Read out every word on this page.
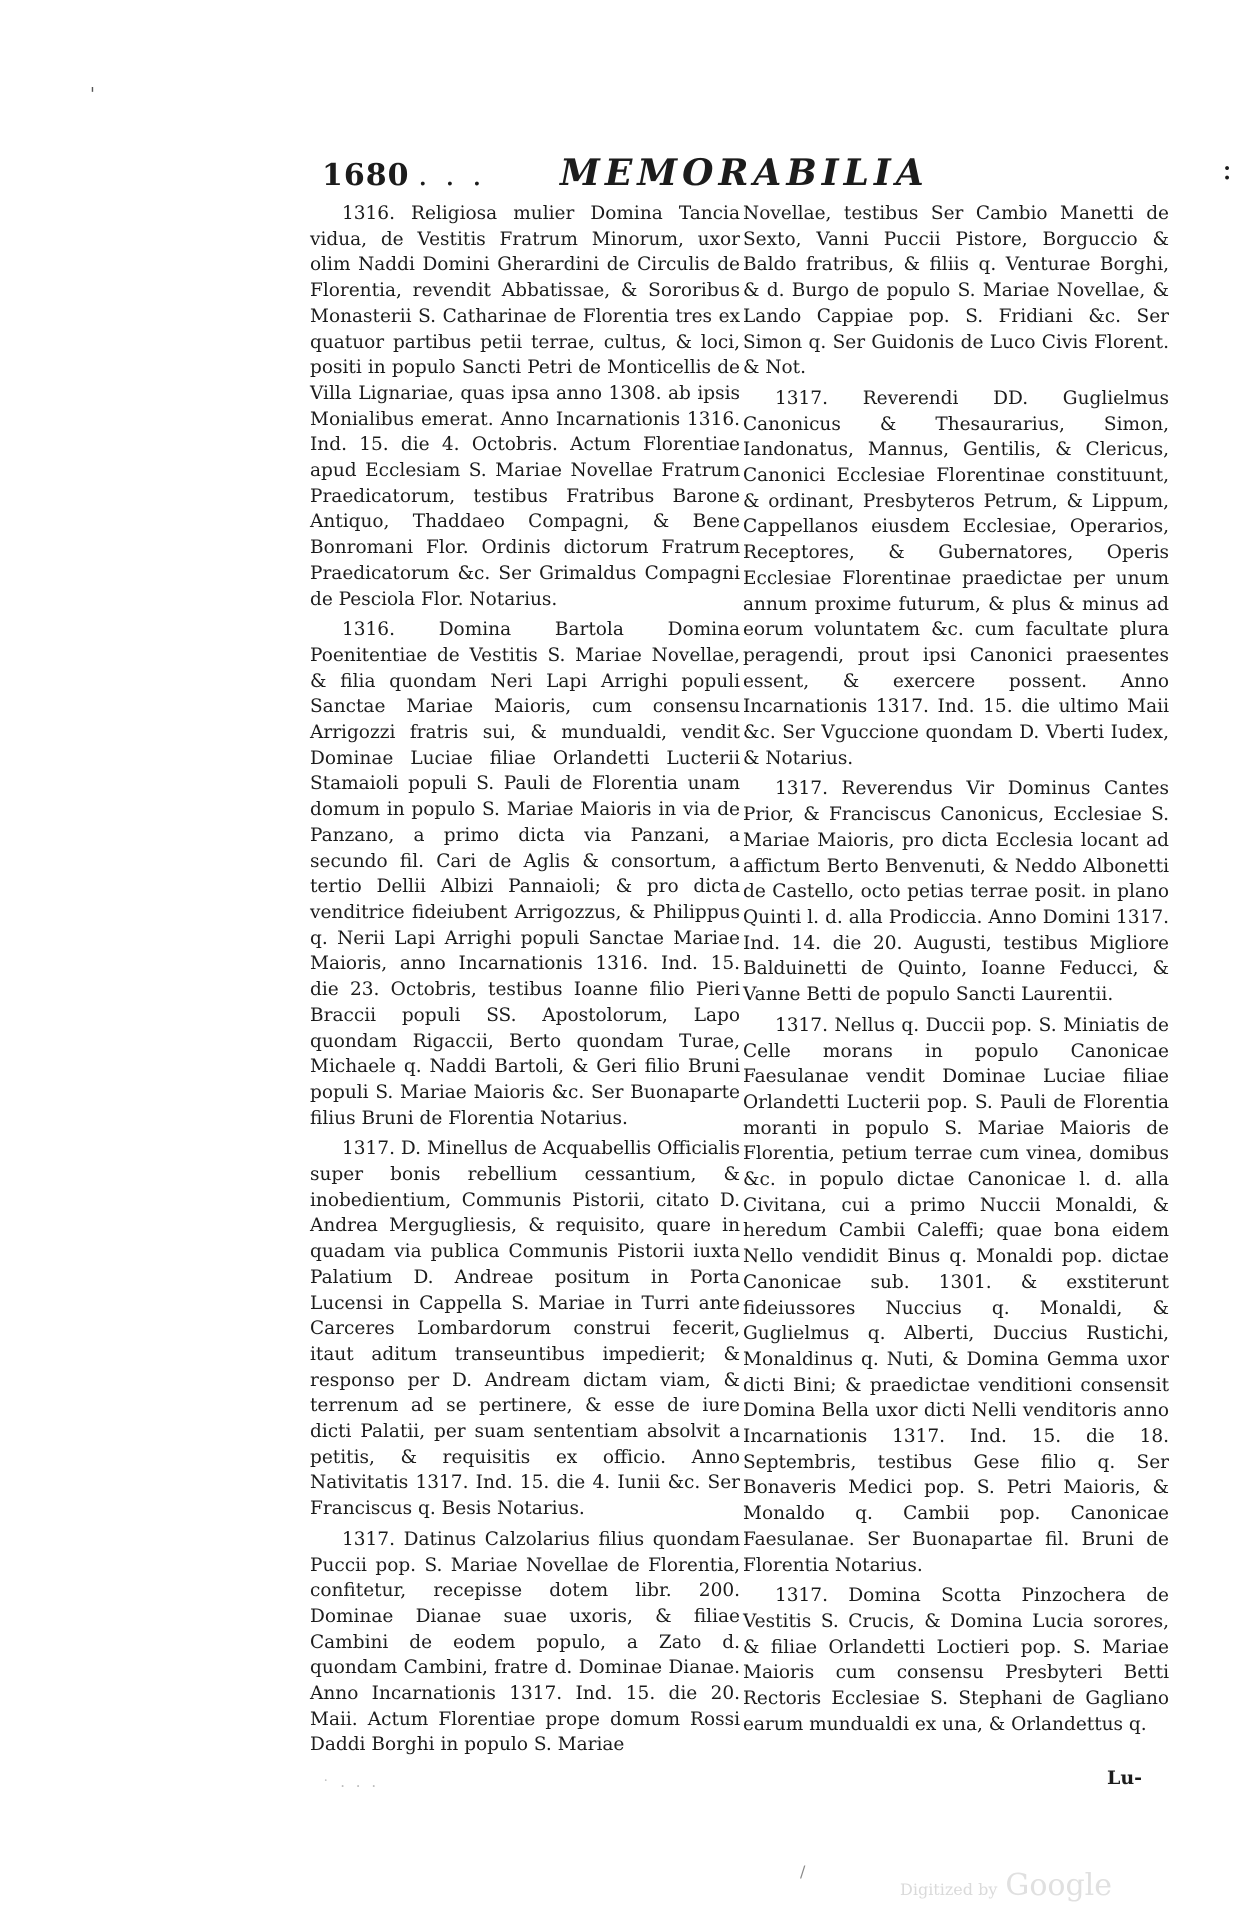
'
1680 . . . MEMORABILIA	:

1316. Religiosa mulier Domina Tancia vidua, de Vestitis Fratrum Minorum, uxor olim Naddi Domini Gherardini de Circulis de Florentia, revendit Abbatissae, & Sororibus Monasterii S. Catharinae de Florentia tres ex quatuor partibus petii terrae, cultus, & loci, positi in populo Sancti Petri de Monticellis de Villa Lignariae, quas ipsa anno 1308. ab ipsis Monialibus emerat. Anno Incarnationis 1316. Ind. 15. die 4. Octobris. Actum Florentiae apud Ecclesiam S. Mariae Novellae Fratrum Praedicatorum, testibus Fratribus Barone Antiquo, Thaddaeo Compagni, & Bene Bonromani Flor. Ordinis dictorum Fratrum Praedicatorum &c. Ser Grimaldus Compagni de Pesciola Flor. Notarius.

1316. Domina Bartola Domina Poenitentiae de Vestitis S. Mariae Novellae, & filia quondam Neri Lapi Arrighi populi Sanctae Mariae Maioris, cum consensu Arrigozzi fratris sui, & mundualdi, vendit Dominae Luciae filiae Orlandetti Lucterii Stamaioli populi S. Pauli de Florentia unam domum in populo S. Mariae Maioris in via de Panzano, a primo dicta via Panzani, a secundo fil. Cari de Aglis & consortum, a tertio Dellii Albizi Pannaioli; & pro dicta venditrice fideiubent Arrigozzus, & Philippus q. Nerii Lapi Arrighi populi Sanctae Mariae Maioris, anno Incarnationis 1316. Ind. 15. die 23. Octobris, testibus Ioanne filio Pieri Braccii populi SS. Apostolorum, Lapo quondam Rigaccii, Berto quondam Turae, Michaele q. Naddi Bartoli, & Geri filio Bruni populi S. Mariae Maioris &c. Ser Buonaparte filius Bruni de Florentia Notarius.

1317. D. Minellus de Acquabellis Officialis super bonis rebellium cessantium, & inobedientium, Communis Pistorii, citato D. Andrea Mergugliesis, & requisito, quare in quadam via publica Communis Pistorii iuxta Palatium D. Andreae positum in Porta Lucensi in Cappella S. Mariae in Turri ante Carceres Lombardorum construi fecerit, itaut aditum transeuntibus impedierit; & responso per D. Andream dictam viam, & terrenum ad se pertinere, & esse de iure dicti Palatii, per suam sententiam absolvit a petitis, & requisitis ex officio. Anno Nativitatis 1317. Ind. 15. die 4. Iunii &c. Ser Franciscus q. Besis Notarius.

1317. Datinus Calzolarius filius quondam Puccii pop. S. Mariae Novellae de Florentia, confitetur, recepisse dotem libr. 200. Dominae Dianae suae uxoris, & filiae Cambini de eodem populo, a Zato d. quondam Cambini, fratre d. Dominae Dianae. Anno Incarnationis 1317. Ind. 15. die 20. Maii. Actum Florentiae prope domum Rossi Daddi Borghi in populo S. Mariae

Novellae, testibus Ser Cambio Manetti de Sexto, Vanni Puccii Pistore, Borguccio & Baldo fratribus, & filiis q. Venturae Borghi, & d. Burgo de populo S. Mariae Novellae, & Lando Cappiae pop. S. Fridiani &c. Ser Simon q. Ser Guidonis de Luco Civis Florent. & Not.

1317. Reverendi DD. Guglielmus Canonicus & Thesaurarius, Simon, Iandonatus, Mannus, Gentilis, & Clericus, Canonici Ecclesiae Florentinae constituunt, & ordinant, Presbyteros Petrum, & Lippum, Cappellanos eiusdem Ecclesiae, Operarios, Receptores, & Gubernatores, Operis Ecclesiae Florentinae praedictae per unum annum proxime futurum, & plus & minus ad eorum voluntatem &c. cum facultate plura peragendi, prout ipsi Canonici praesentes essent, & exercere possent. Anno Incarnationis 1317. Ind. 15. die ultimo Maii &c. Ser Vguccione quondam D. Vberti Iudex, & Notarius.

1317. Reverendus Vir Dominus Cantes Prior, & Franciscus Canonicus, Ecclesiae S. Mariae Maioris, pro dicta Ecclesia locant ad affictum Berto Benvenuti, & Neddo Albonetti de Castello, octo petias terrae posit. in plano Quinti l. d. alla Prodiccia. Anno Domini 1317. Ind. 14. die 20. Augusti, testibus Migliore Balduinetti de Quinto, Ioanne Feducci, & Vanne Betti de populo Sancti Laurentii.

1317. Nellus q. Duccii pop. S. Miniatis de Celle morans in populo Canonicae Faesulanae vendit Dominae Luciae filiae Orlandetti Lucterii pop. S. Pauli de Florentia moranti in populo S. Mariae Maioris de Florentia, petium terrae cum vinea, domibus &c. in populo dictae Canonicae l. d. alla Civitana, cui a primo Nuccii Monaldi, & heredum Cambii Caleffi; quae bona eidem Nello vendidit Binus q. Monaldi pop. dictae Canonicae sub. 1301. & exstiterunt fideiussores Nuccius q. Monaldi, & Guglielmus q. Alberti, Duccius Rustichi, Monaldinus q. Nuti, & Domina Gemma uxor dicti Bini; & praedictae venditioni consensit Domina Bella uxor dicti Nelli venditoris anno Incarnationis 1317. Ind. 15. die 18. Septembris, testibus Gese filio q. Ser Bonaveris Medici pop. S. Petri Maioris, & Monaldo q. Cambii pop. Canonicae Faesulanae. Ser Buonapartae fil. Bruni de Florentia Notarius.

1317. Domina Scotta Pinzochera de Vestitis S. Crucis, & Domina Lucia sorores, & filiae Orlandetti Loctieri pop. S. Mariae Maioris cum consensu Presbyteri Betti Rectoris Ecclesiae S. Stephani de Gagliano earum mundualdi ex una, & Orlandettus q.

Lu-
˙ · · ·
/
Digitized by Google
